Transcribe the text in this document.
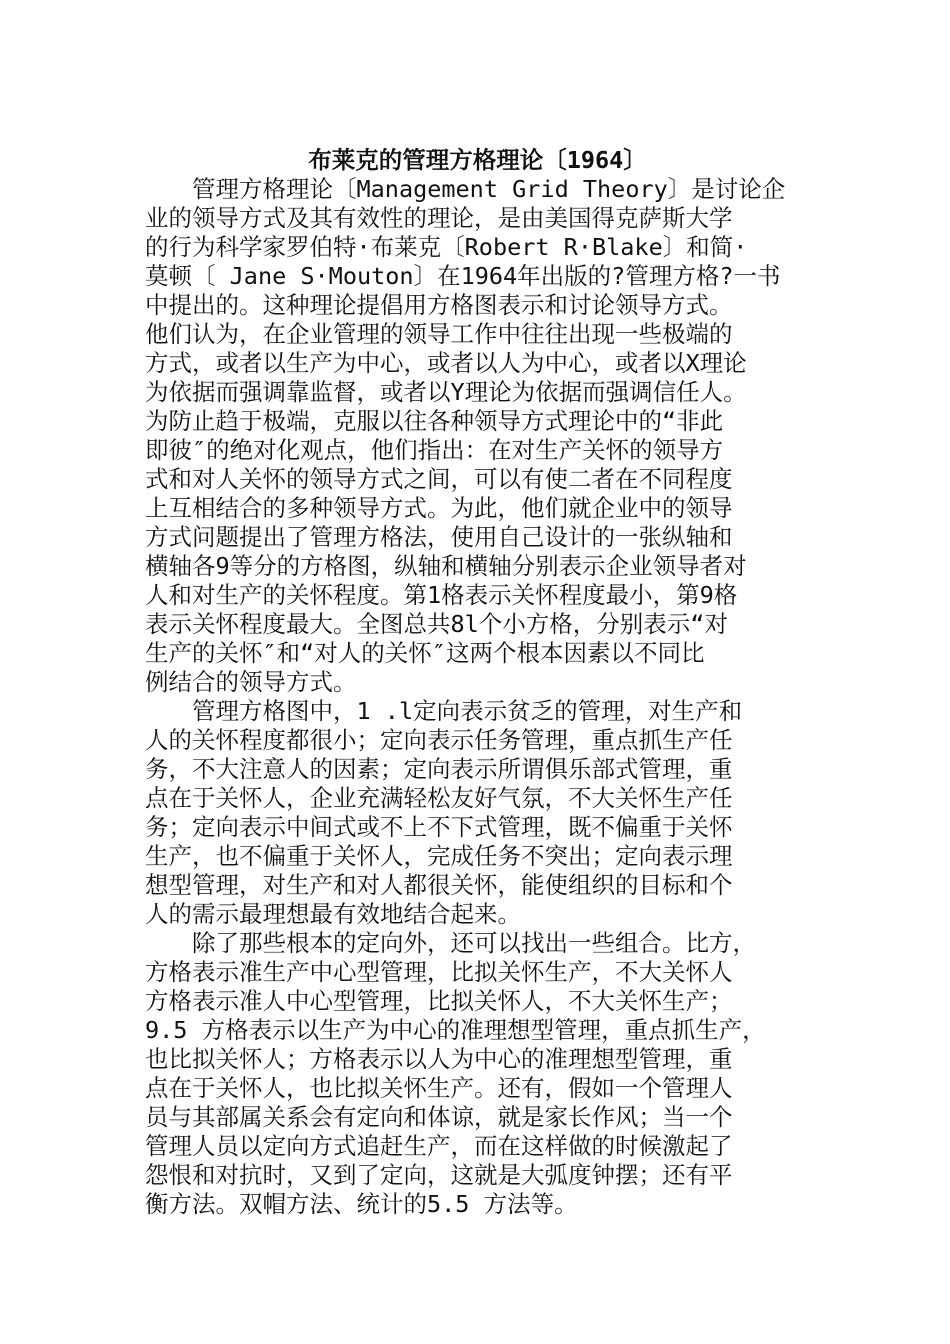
布莱克的管理方格理论〔1964〕
　　管理方格理论〔Management Grid Theory〕是讨论企
业的领导方式及其有效性的理论，是由美国得克萨斯大学
的行为科学家罗伯特·布莱克〔Robert R·Blake〕和简·
莫顿〔 Jane S·Mouton〕在1964年出版的?管理方格?一书
中提出的。这种理论提倡用方格图表示和讨论领导方式。
他们认为，在企业管理的领导工作中往往出现一些极端的
方式，或者以生产为中心，或者以人为中心，或者以X理论
为依据而强调靠监督，或者以Y理论为依据而强调信任人。
为防止趋于极端，克服以往各种领导方式理论中的“非此
即彼″的绝对化观点，他们指出：在对生产关怀的领导方
式和对人关怀的领导方式之间，可以有使二者在不同程度
上互相结合的多种领导方式。为此，他们就企业中的领导
方式问题提出了管理方格法，使用自己设计的一张纵轴和
横轴各9等分的方格图，纵轴和横轴分别表示企业领导者对
人和对生产的关怀程度。第1格表示关怀程度最小，第9格
表示关怀程度最大。全图总共8l个小方格，分别表示“对
生产的关怀″和“对人的关怀″这两个根本因素以不同比
例结合的领导方式。
　　管理方格图中，1 .l定向表示贫乏的管理，对生产和
人的关怀程度都很小；定向表示任务管理，重点抓生产任
务，不大注意人的因素；定向表示所谓俱乐部式管理，重
点在于关怀人，企业充满轻松友好气氛，不大关怀生产任
务；定向表示中间式或不上不下式管理，既不偏重于关怀
生产，也不偏重于关怀人，完成任务不突出；定向表示理
想型管理，对生产和对人都很关怀，能使组织的目标和个
人的需示最理想最有效地结合起来。
　　除了那些根本的定向外，还可以找出一些组合。比方，
方格表示准生产中心型管理，比拟关怀生产，不大关怀人
方格表示准人中心型管理，比拟关怀人，不大关怀生产；
9.5 方格表示以生产为中心的准理想型管理，重点抓生产，
也比拟关怀人；方格表示以人为中心的准理想型管理，重
点在于关怀人，也比拟关怀生产。还有，假如一个管理人
员与其部属关系会有定向和体谅，就是家长作风；当一个
管理人员以定向方式追赶生产，而在这样做的时候激起了
怨恨和对抗时，又到了定向，这就是大弧度钟摆；还有平
衡方法。双帽方法、统计的5.5 方法等。
